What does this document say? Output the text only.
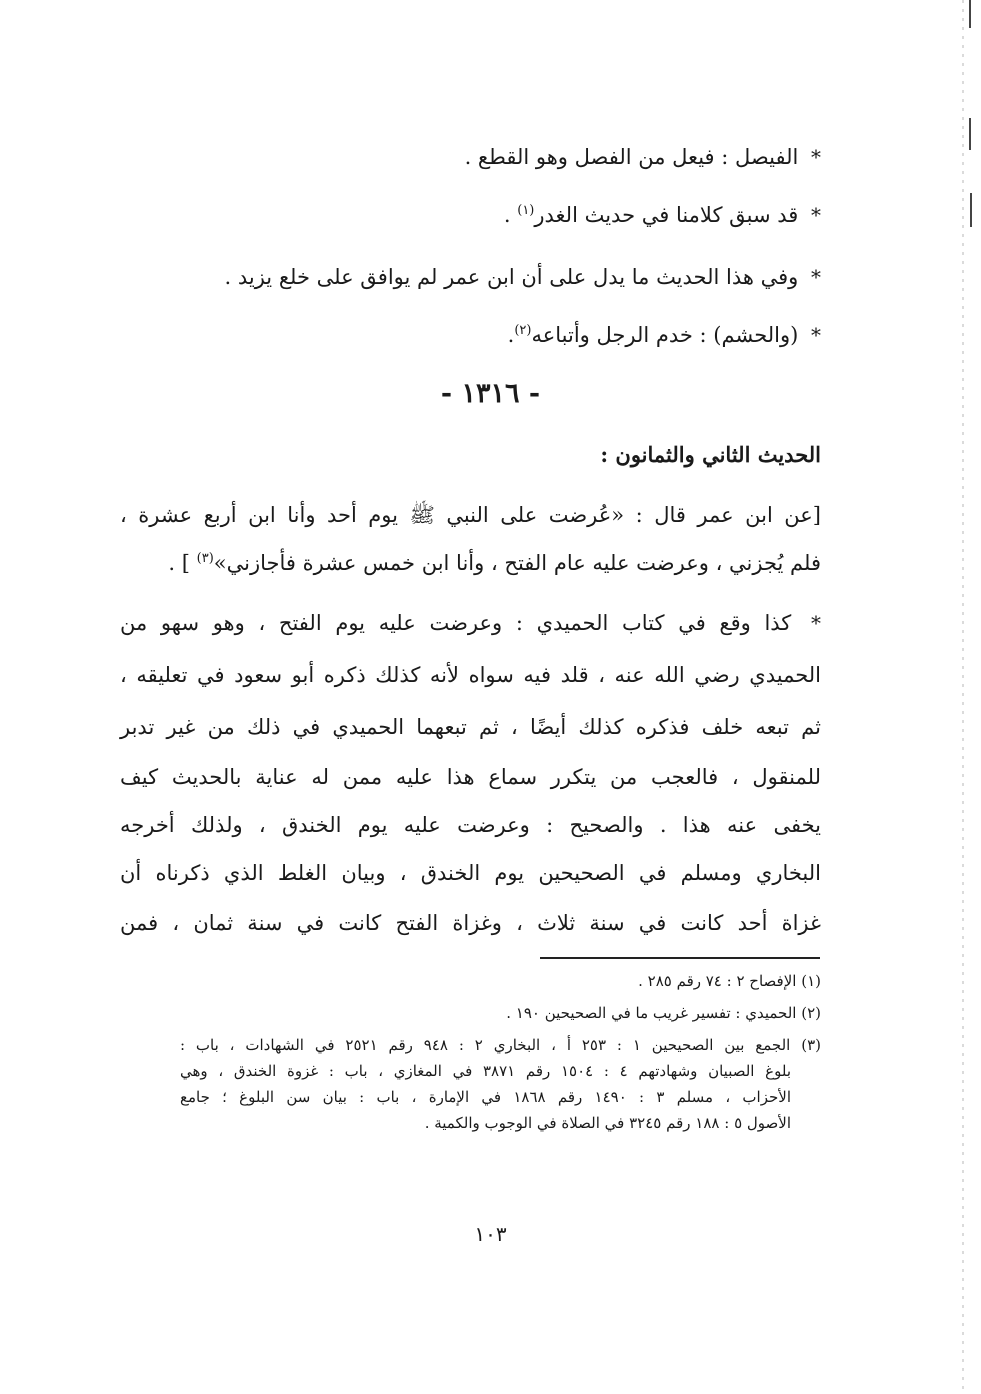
* الفيصل : فيعل من الفصل وهو القطع .
* قد سبق كلامنا في حديث الغدر$^{(١)}$ .
* وفي هذا الحديث ما يدل على أن ابن عمر لم يوافق على خلع يزيد .
* (والحشم) : خدم الرجل وأتباعه$^{(٢)}$.
- ١٣١٦ -
الحديث الثاني والثمانون :
[عن ابن عمر قال : «عُرضت على النبي ﷺ يوم أحد وأنا ابن أربع عشرة ،
فلم يُجزني ، وعرضت عليه عام الفتح ، وأنا ابن خمس عشرة فأجازني»$^{(٣)}$ ] .
* كذا وقع في كتاب الحميدي : وعرضت عليه يوم الفتح ، وهو سهو من
الحميدي رضي الله عنه ، قلد فيه سواه لأنه كذلك ذكره أبو سعود في تعليقه ،
ثم تبعه خلف فذكره كذلك أيضًا ، ثم تبعهما الحميدي في ذلك من غير تدبر
للمنقول ، فالعجب من يتكرر سماع هذا عليه ممن له عناية بالحديث كيف
يخفى عنه هذا . والصحيح : وعرضت عليه يوم الخندق ، ولذلك أخرجه
البخاري ومسلم في الصحيحين يوم الخندق ، وبيان الغلط الذي ذكرناه أن
غزاة أحد كانت في سنة ثلاث ، وغزاة الفتح كانت في سنة ثمان ، فمن
(١) الإفصاح ٢ : ٧٤ رقم ٢٨٥ .
(٢) الحميدي : تفسير غريب ما في الصحيحين ١٩٠ .
(٣) الجمع بين الصحيحين ١ : ٢٥٣ أ ، البخاري ٢ : ٩٤٨ رقم ٢٥٢١ في الشهادات ، باب :
بلوغ الصبيان وشهادتهم ٤ : ١٥٠٤ رقم ٣٨٧١ في المغازي ، باب : غزوة الخندق ، وهي
الأحزاب ، مسلم ٣ : ١٤٩٠ رقم ١٨٦٨ في الإمارة ، باب : بيان سن البلوغ ؛ جامع
الأصول ٥ : ١٨٨ رقم ٣٢٤٥ في الصلاة في الوجوب والكمية .
١٠٣
